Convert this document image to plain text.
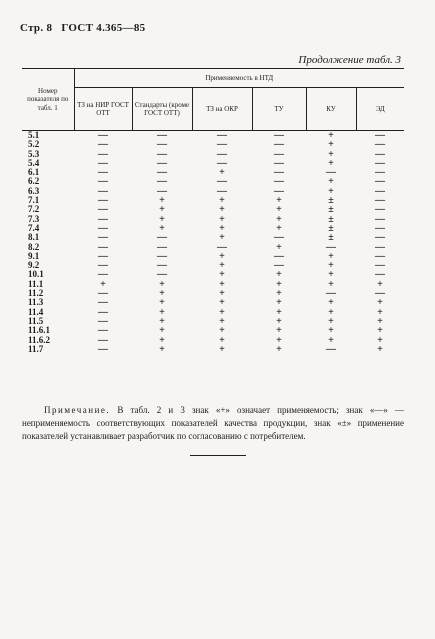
Стр. 8 ГОСТ 4.365—85
Продолжение табл. 3
Номер показателя по табл. 1	Применяемость в НТД					
	ТЗ на НИР ГОСТ ОТТ	Стандарты (кроме ГОСТ ОТТ)	ТЗ на ОКР	ТУ	КУ	ЭД
5.1	—	—	—	—	+	—
5.2	—	—	—	—	+	—
5.3	—	—	—	—	+	—
5.4	—	—	—	—	+	—
6.1	—	—	+	—	—	—
6.2	—	—	—	—	+	—
6.3	—	—	—	—	+	—
7.1	—	+	+	+	±	—
7.2	—	+	+	+	±	—
7.3	—	+	+	+	±	—
7.4	—	+	+	+	±	—
8.1	—	—	+	—	±	—
8.2	—	—	—	+	—	—
9.1	—	—	+	—	+	—
9.2	—	—	+	—	+	—
10.1	—	—	+	+	+	—
11.1	+	+	+	+	+	+
11.2	—	+	+	+	—	—
11.3	—	+	+	+	+	+
11.4	—	+	+	+	+	+
11.5	—	+	+	+	+	+
11.6.1	—	+	+	+	+	+
11.6.2	—	+	+	+	+	+
11.7	—	+	+	+	—	+
Примечание. В табл. 2 и 3 знак «+» означает применяемость; знак «—» — неприменяемость соответствующих показателей качества продукции, знак «±» применение показателей устанавливает разработчик по согласованию с потребителем.
